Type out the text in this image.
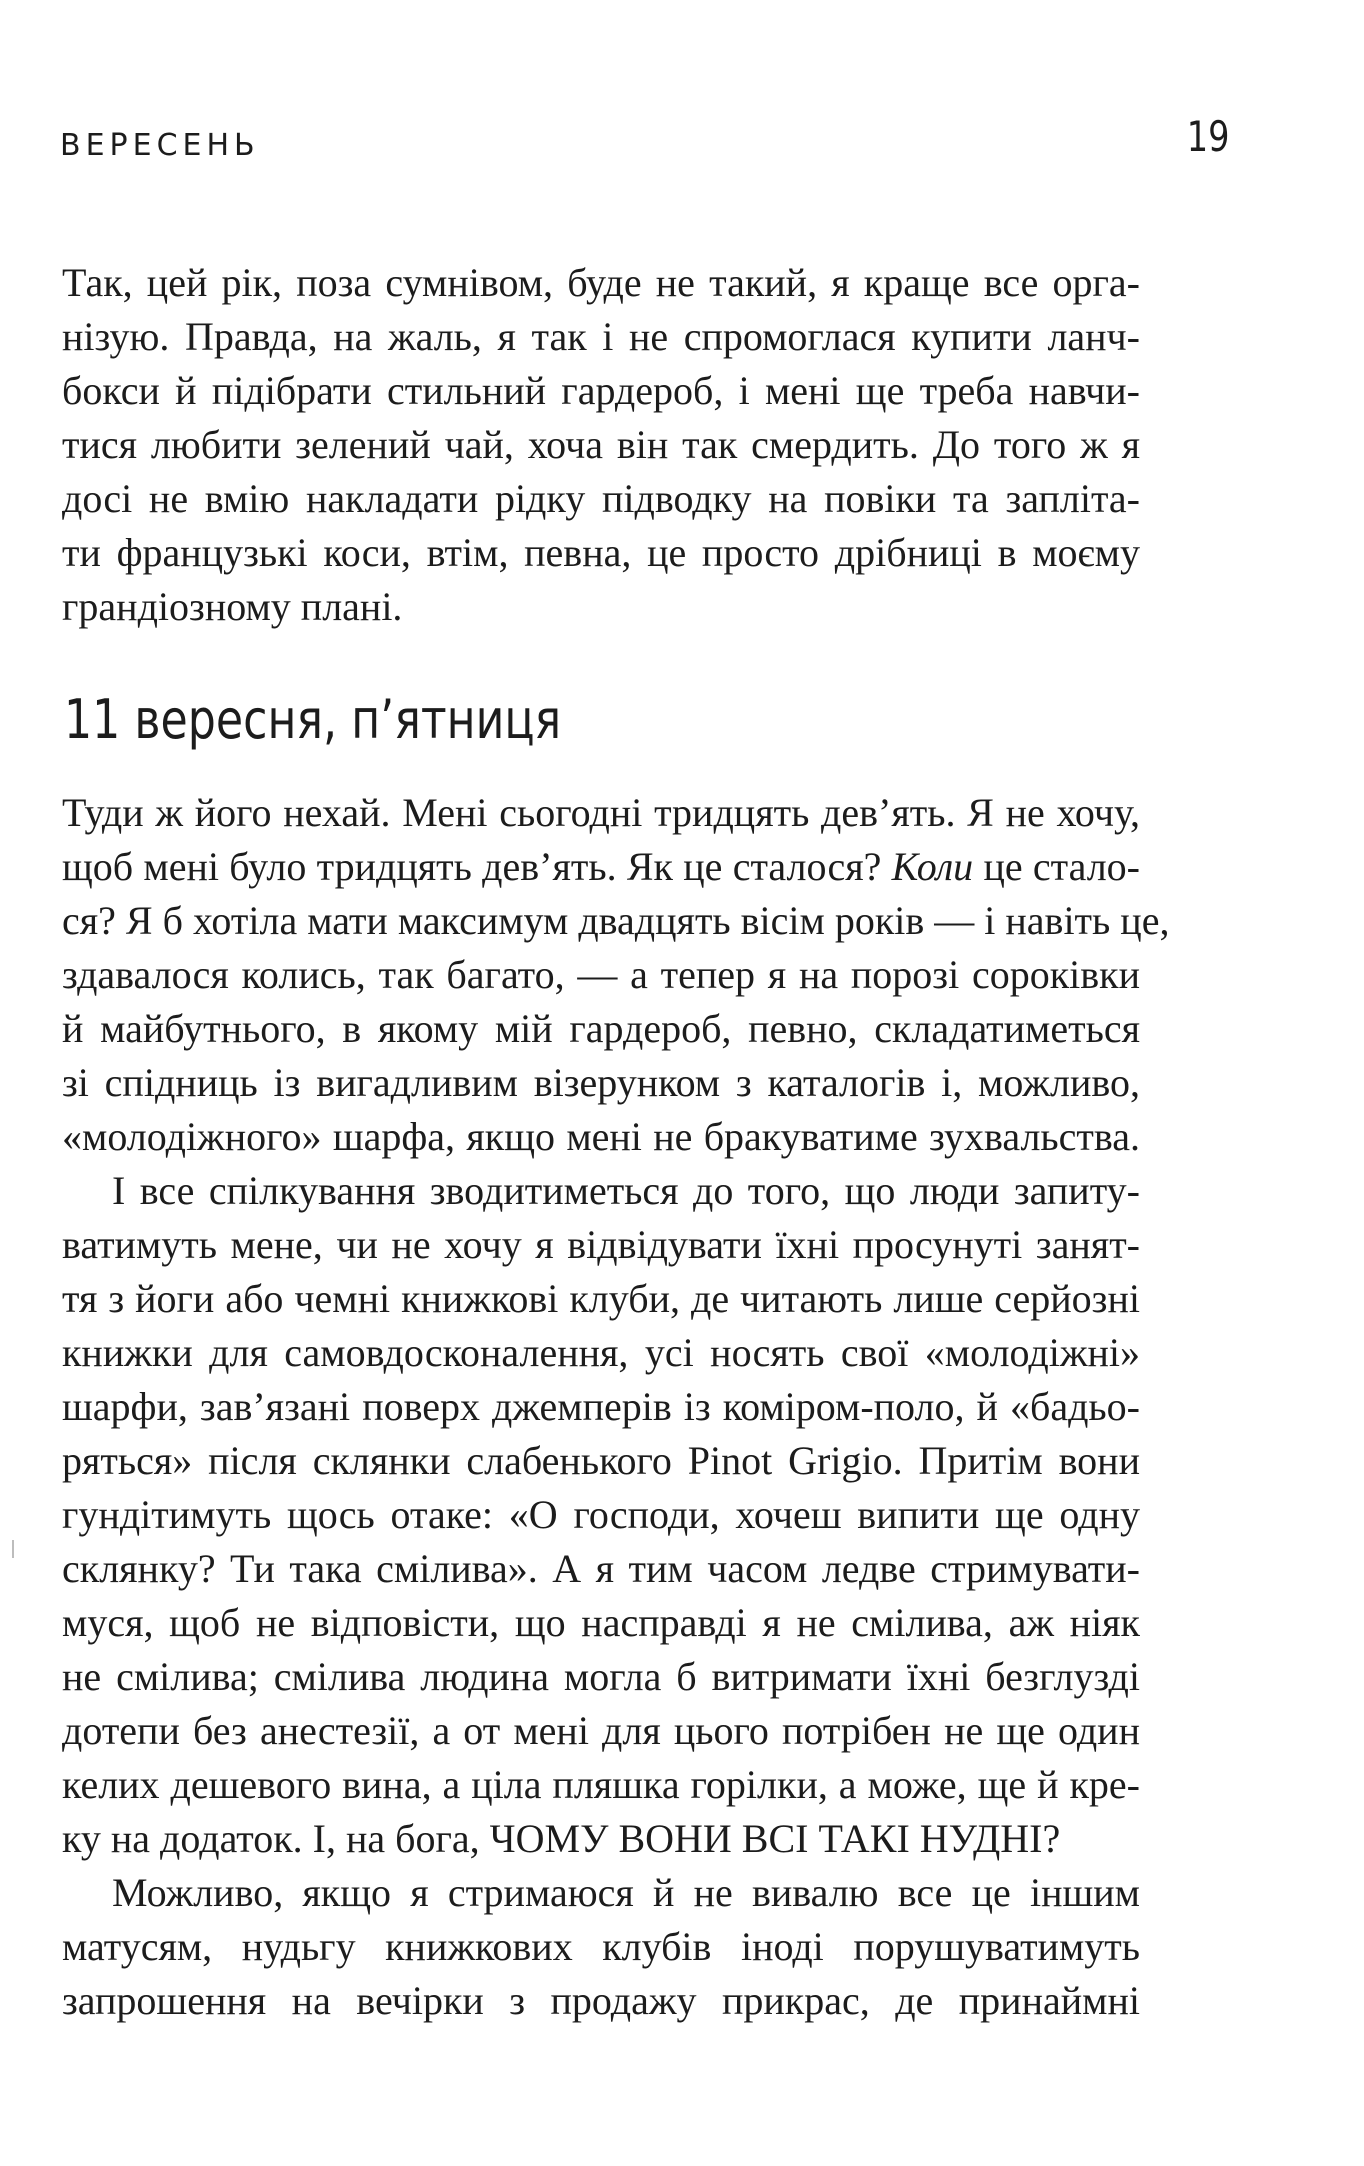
ВЕРЕСЕНЬ	19
Так, цей рік, поза сумнівом, буде не такий, я краще все орга-
нізую. Правда, на жаль, я так і не спромоглася купити ланч-
бокси й підібрати стильний гардероб, і мені ще треба навчи-
тися любити зелений чай, хоча він так смердить. До того ж я
досі не вмію накладати рідку підводку на повіки та запліта-
ти французькі коси, втім, певна, це просто дрібниці в моєму
грандіозному плані.
11 вересня, п’ятниця
Туди ж його нехай. Мені сьогодні тридцять дев’ять. Я не хочу,
щоб мені було тридцять дев’ять. Як це сталося? Коли це стало-
ся? Я б хотіла мати максимум двадцять вісім років — і навіть це,
здавалося колись, так багато, — а тепер я на порозі сороківки
й майбутнього, в якому мій гардероб, певно, складатиметься
зі спідниць із вигадливим візерунком з каталогів і, можливо,
«молодіжного» шарфа, якщо мені не бракуватиме зухвальства.
І все спілкування зводитиметься до того, що люди запиту-
ватимуть мене, чи не хочу я відвідувати їхні просунуті занят-
тя з йоги або чемні книжкові клуби, де читають лише серйозні
книжки для самовдосконалення, усі носять свої «молодіжні»
шарфи, зав’язані поверх джемперів із коміром-поло, й «бадьо-
ряться» після склянки слабенького Pinot Grigio. Притім вони
гундітимуть щось отаке: «О господи, хочеш випити ще одну
склянку? Ти така смілива». А я тим часом ледве стримувати-
муся, щоб не відповісти, що насправді я не смілива, аж ніяк
не смілива; смілива людина могла б витримати їхні безглузді
дотепи без анестезії, а от мені для цього потрібен не ще один
келих дешевого вина, а ціла пляшка горілки, а може, ще й кре-
ку на додаток. І, на бога, ЧОМУ ВОНИ ВСІ ТАКІ НУДНІ?
Можливо, якщо я стримаюся й не вивалю все це іншим
матусям, нудьгу книжкових клубів іноді порушуватимуть
запрошення на вечірки з продажу прикрас, де принаймні
